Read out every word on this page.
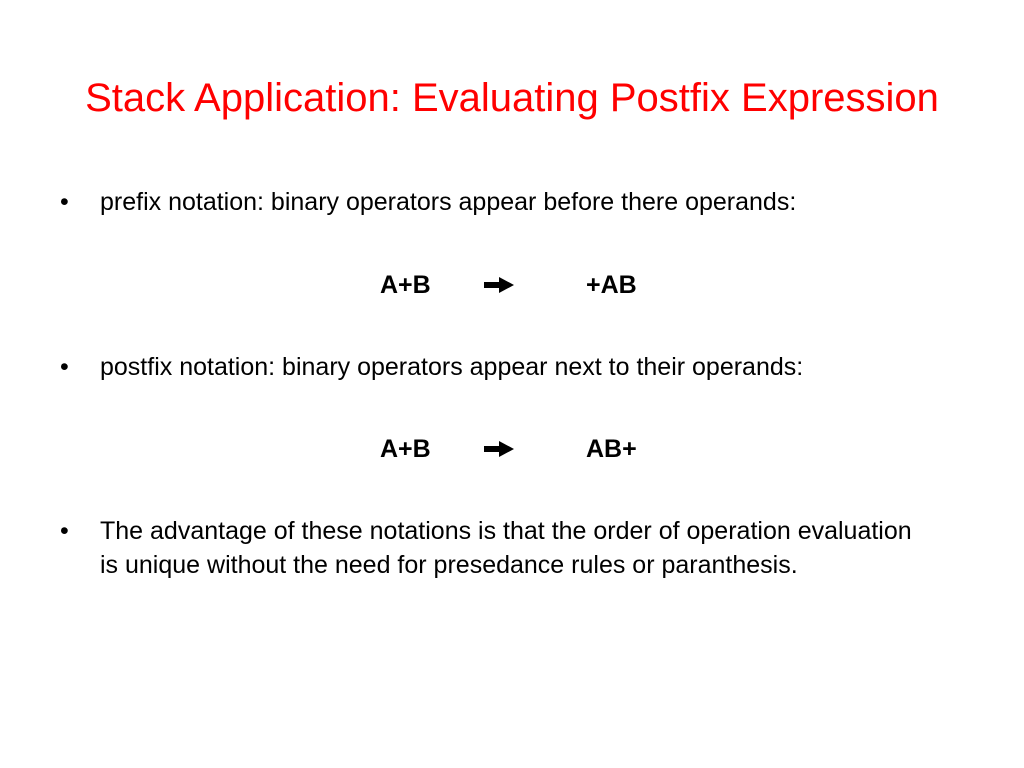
Stack Application: Evaluating Postfix Expression
•	prefix notation: binary operators appear before there operands:
A+B	+AB
•	postfix notation: binary operators appear next to their operands:
A+B	AB+
•	The advantage of these notations is that the order of operation evaluation is unique without the need for presedance rules or paranthesis.
